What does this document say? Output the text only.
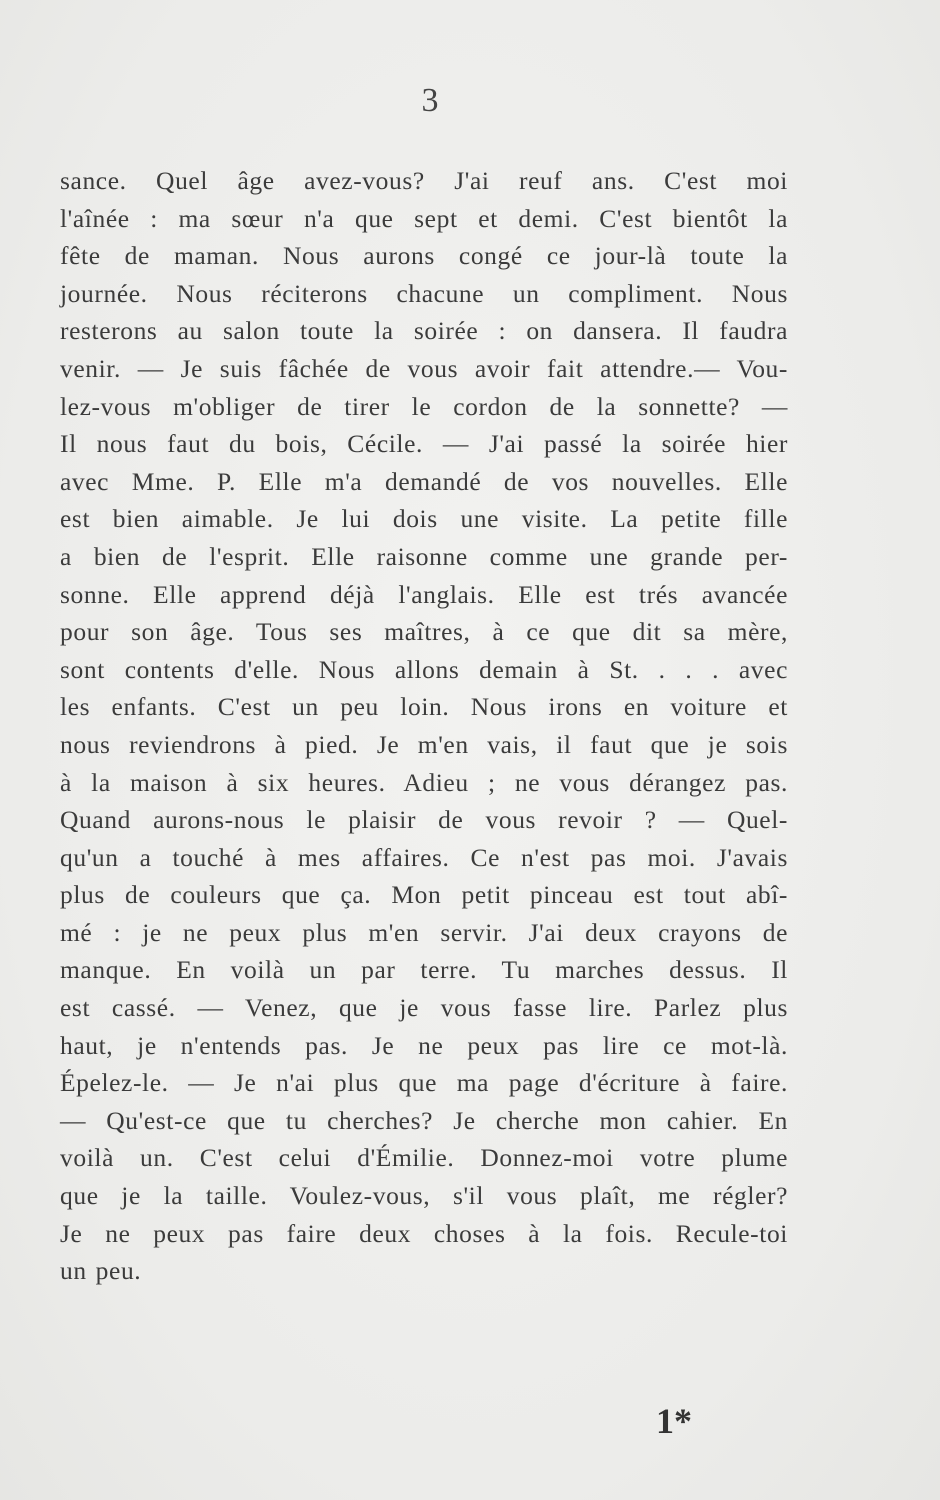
3
sance. Quel âge avez-vous? J'ai reuf ans. C'est moi
l'aînée : ma sœur n'a que sept et demi. C'est bientôt la
fête de maman. Nous aurons congé ce jour-là toute la
journée. Nous réciterons chacune un compliment. Nous
resterons au salon toute la soirée : on dansera. Il faudra
venir. — Je suis fâchée de vous avoir fait attendre.— Vou-
lez-vous m'obliger de tirer le cordon de la sonnette? —
Il nous faut du bois, Cécile. — J'ai passé la soirée hier
avec Mme. P. Elle m'a demandé de vos nouvelles. Elle
est bien aimable. Je lui dois une visite. La petite fille
a bien de l'esprit. Elle raisonne comme une grande per-
sonne. Elle apprend déjà l'anglais. Elle est trés avancée
pour son âge. Tous ses maîtres, à ce que dit sa mère,
sont contents d'elle. Nous allons demain à St. . . . avec
les enfants. C'est un peu loin. Nous irons en voiture et
nous reviendrons à pied. Je m'en vais, il faut que je sois
à la maison à six heures. Adieu ; ne vous dérangez pas.
Quand aurons-nous le plaisir de vous revoir ? — Quel-
qu'un a touché à mes affaires. Ce n'est pas moi. J'avais
plus de couleurs que ça. Mon petit pinceau est tout abî-
mé : je ne peux plus m'en servir. J'ai deux crayons de
manque. En voilà un par terre. Tu marches dessus. Il
est cassé. — Venez, que je vous fasse lire. Parlez plus
haut, je n'entends pas. Je ne peux pas lire ce mot-là.
Épelez-le. — Je n'ai plus que ma page d'écriture à faire.
— Qu'est-ce que tu cherches? Je cherche mon cahier. En
voilà un. C'est celui d'Émilie. Donnez-moi votre plume
que je la taille. Voulez-vous, s'il vous plaît, me régler?
Je ne peux pas faire deux choses à la fois. Recule-toi
un peu.
1*
